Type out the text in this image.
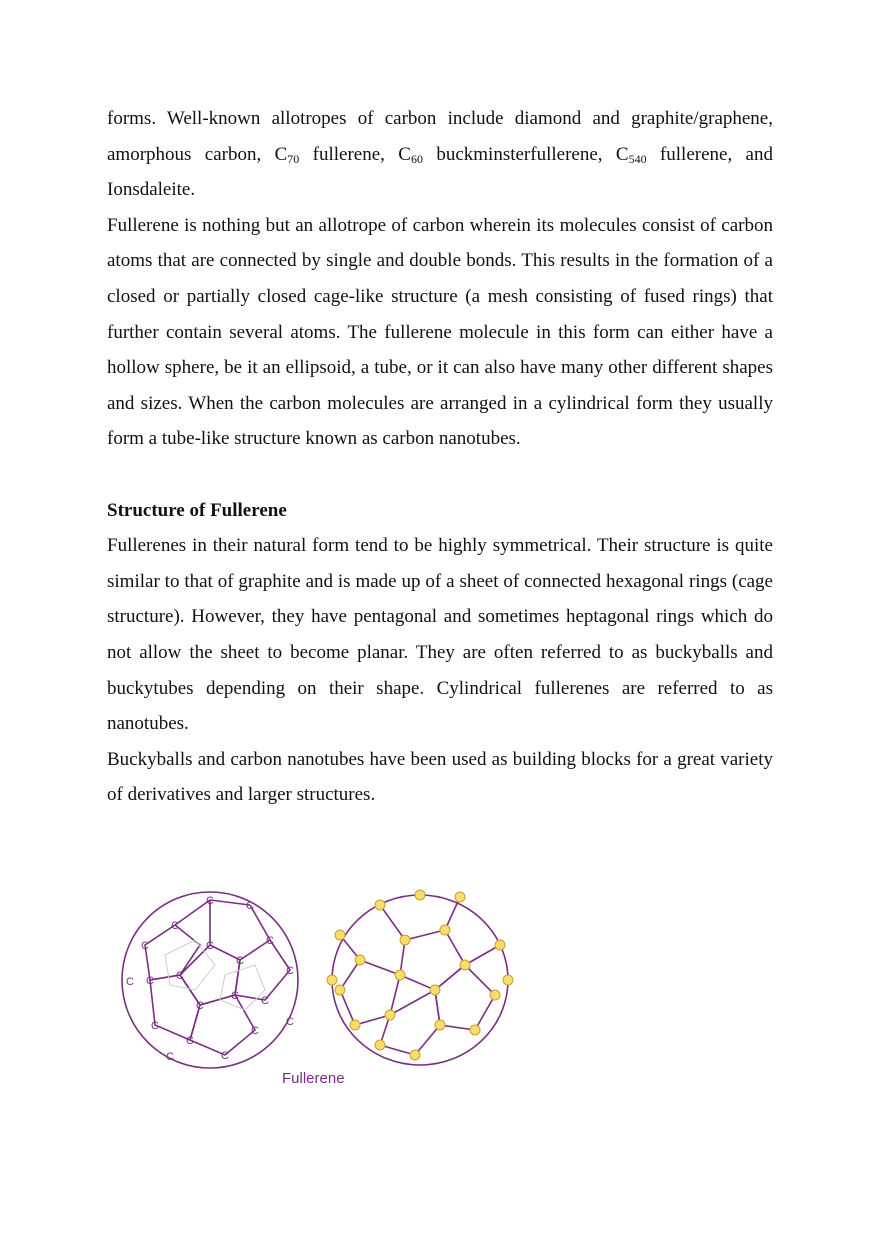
forms. Well-known allotropes of carbon include diamond and graphite/graphene, amorphous carbon, $C_{70}$ fullerene, $C_{60}$ buckminsterfullerene, $C_{540}$ fullerene, and Ionsdaleite.

Fullerene is nothing but an allotrope of carbon wherein its molecules consist of carbon atoms that are connected by single and double bonds. This results in the formation of a closed or partially closed cage-like structure (a mesh consisting of fused rings) that further contain several atoms. The fullerene molecule in this form can either have a hollow sphere, be it an ellipsoid, a tube, or it can also have many other different shapes and sizes. When the carbon molecules are arranged in a cylindrical form they usually form a tube-like structure known as carbon nanotubes.

Structure of Fullerene

Fullerenes in their natural form tend to be highly symmetrical. Their structure is quite similar to that of graphite and is made up of a sheet of connected hexagonal rings (cage structure). However, they have pentagonal and sometimes heptagonal rings which do not allow the sheet to become planar. They are often referred to as buckyballs and buckytubes depending on their shape. Cylindrical fullerenes are referred to as nanotubes.

Buckyballs and carbon nanotubes have been used as building blocks for a great variety of derivatives and larger structures.

C
C
C
C
C
C
C
C
C
C
C
C
C
C
C
C	C
C
C
C
Fullerene
